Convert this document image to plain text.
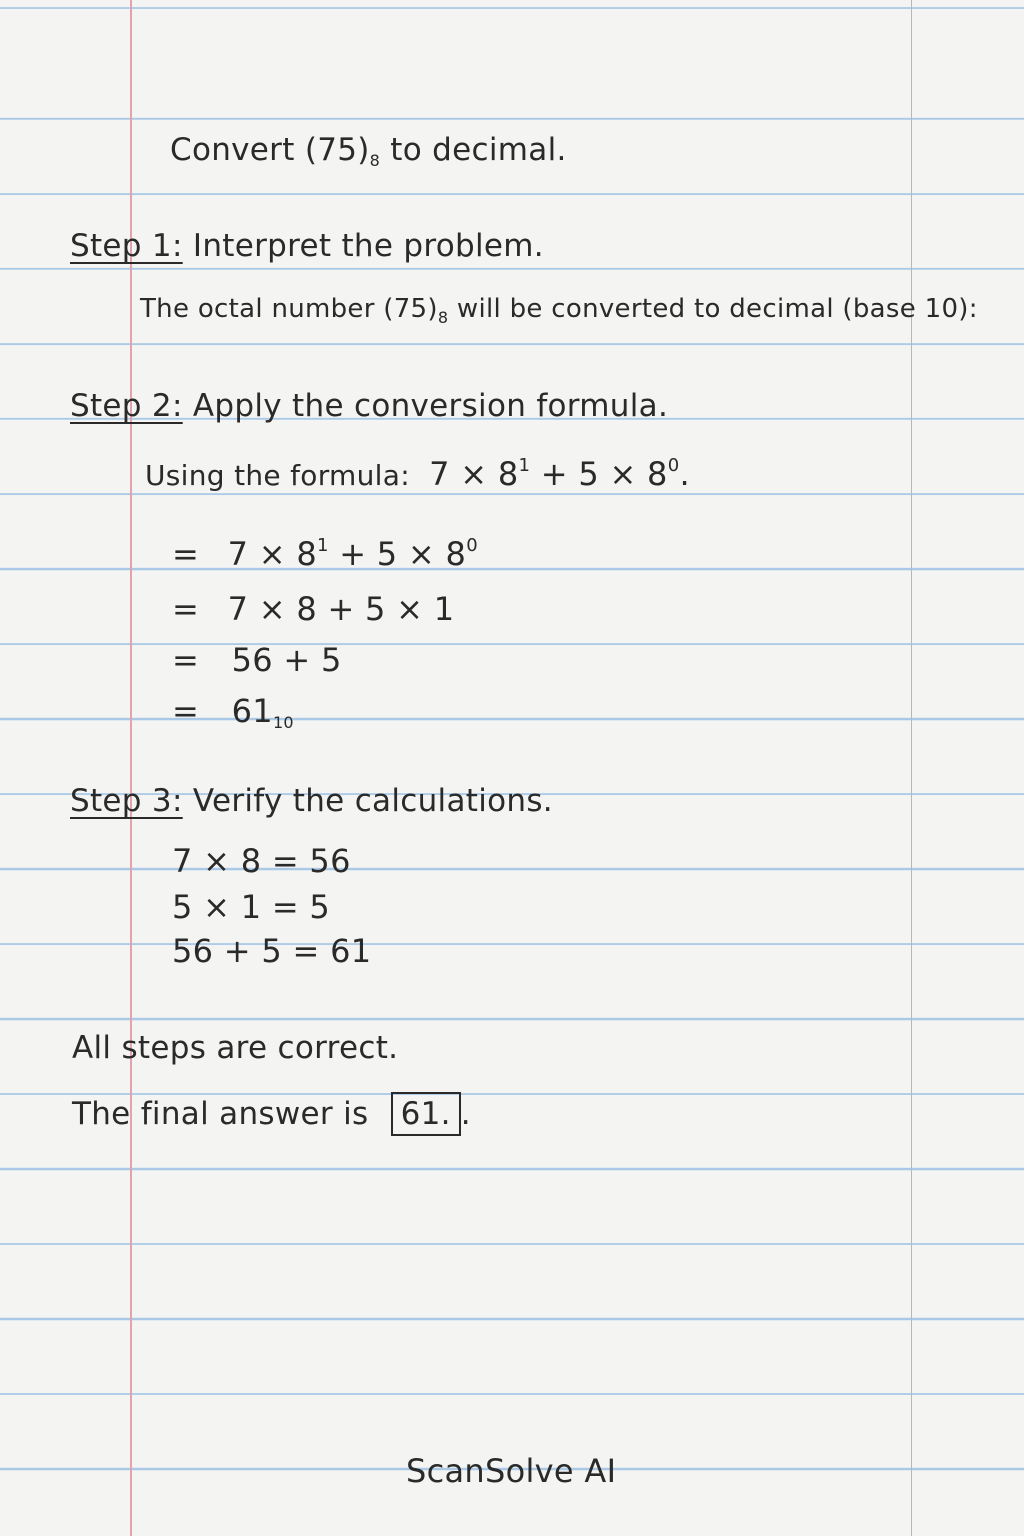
Convert $(75)_8$ to decimal.
Step 1: Interpret the problem.
The octal number $(75)_8$ will be converted to decimal (base 10):
Step 2: Apply the conversion formula.
Using the formula: $7 \times 8^1 + 5 \times 8^0$.
= $7 \times 8^1 + 5 \times 8^0$
= 7 × 8 + 5 × 1
= 56 + 5
= $61_{10}$
Step 3: Verify the calculations.
7 × 8 = 56
5 × 1 = 5
56 + 5 = 61
All steps are correct.
The final answer is 61. .
ScanSolve AI
